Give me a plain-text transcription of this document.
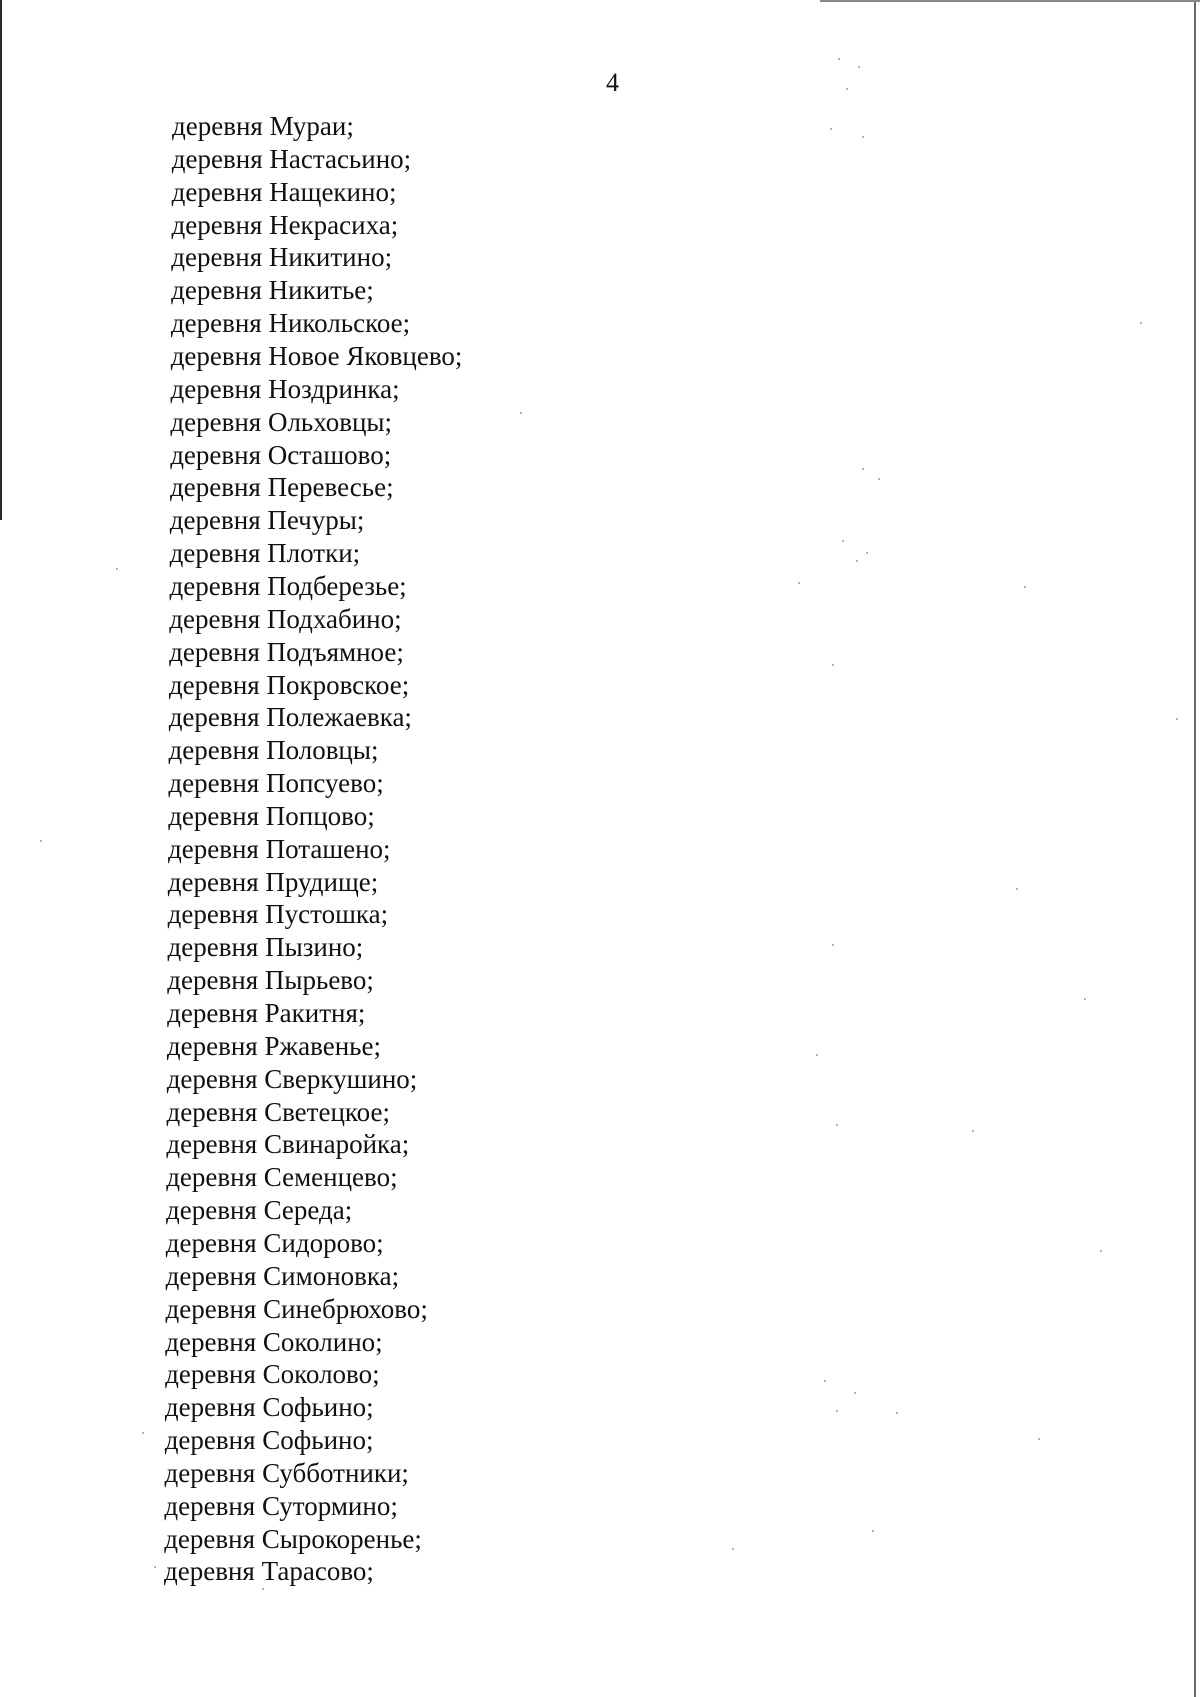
4
деревня Мураи;
деревня Настасьино;
деревня Нащекино;
деревня Некрасиха;
деревня Никитино;
деревня Никитье;
деревня Никольское;
деревня Новое Яковцево;
деревня Ноздринка;
деревня Ольховцы;
деревня Осташово;
деревня Перевесье;
деревня Печуры;
деревня Плотки;
деревня Подберезье;
деревня Подхабино;
деревня Подъямное;
деревня Покровское;
деревня Полежаевка;
деревня Половцы;
деревня Попсуево;
деревня Попцово;
деревня Поташено;
деревня Прудище;
деревня Пустошка;
деревня Пызино;
деревня Пырьево;
деревня Ракитня;
деревня Ржавенье;
деревня Сверкушино;
деревня Светецкое;
деревня Свинаройка;
деревня Семенцево;
деревня Середа;
деревня Сидорово;
деревня Симоновка;
деревня Синебрюхово;
деревня Соколино;
деревня Соколово;
деревня Софьино;
деревня Софьино;
деревня Субботники;
деревня Сутормино;
деревня Сырокоренье;
деревня Тарасово;
